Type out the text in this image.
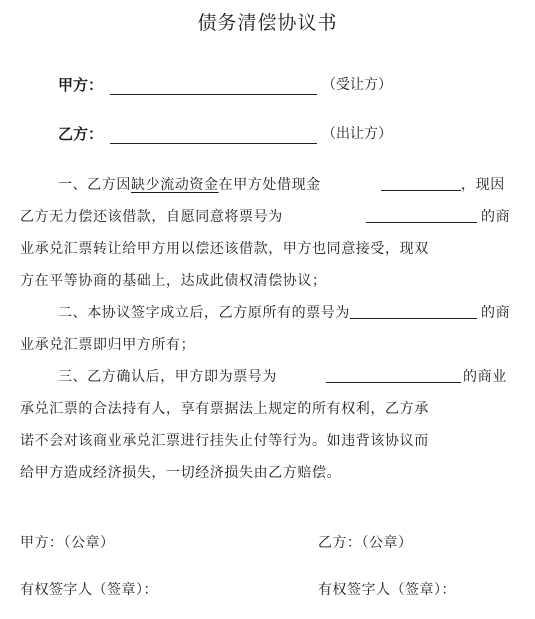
债务清偿协议书
甲方：	（受让方）
乙方：	（出让方）
一、乙方因缺少流动资金在甲方处借现金	，现因
乙方无力偿还该借款，自愿同意将票号为	的商
业承兑汇票转让给甲方用以偿还该借款，甲方也同意接受，现双
方在平等协商的基础上，达成此债权清偿协议；
二、本协议签字成立后，乙方原所有的票号为	的商
业承兑汇票即归甲方所有；
三、乙方确认后，甲方即为票号为	的商业
承兑汇票的合法持有人，享有票据法上规定的所有权利，乙方承
诺不会对该商业承兑汇票进行挂失止付等行为。如违背该协议而
给甲方造成经济损失，一切经济损失由乙方赔偿。
甲方：（公章）	乙方：（公章）
有权签字人（签章）：	有权签字人（签章）：
